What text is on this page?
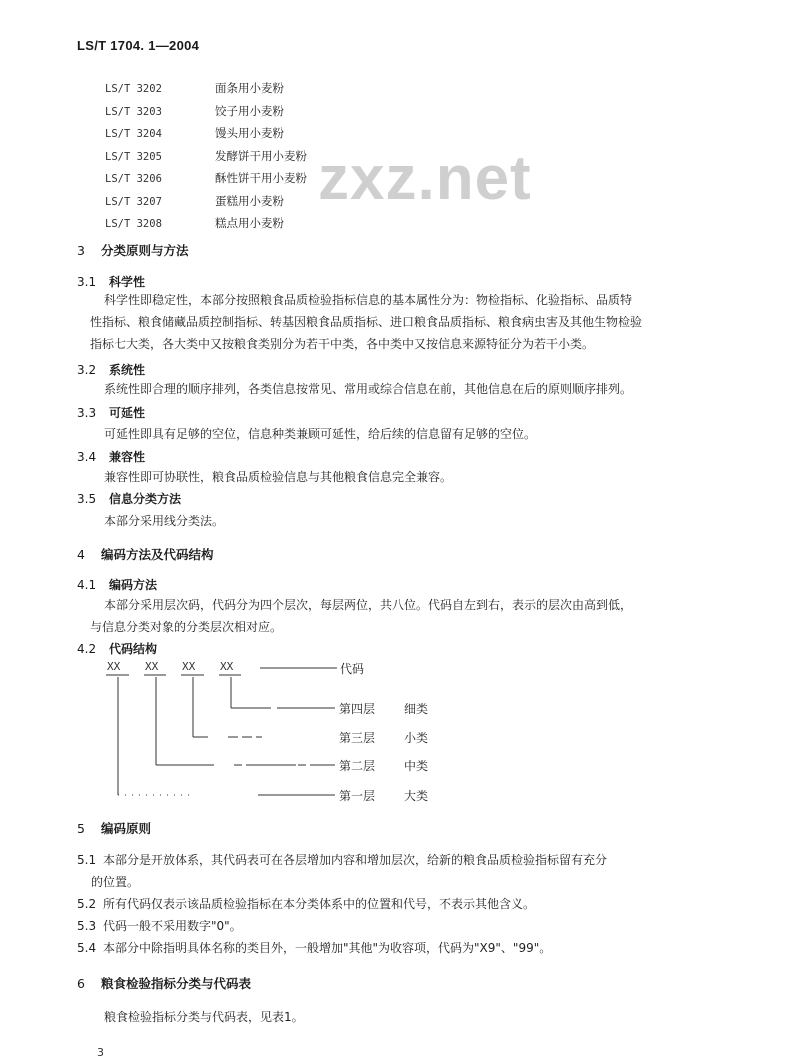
LS/T 1704. 1—2004
zxz.net
LS/T 3202	面条用小麦粉
LS/T 3203	饺子用小麦粉
LS/T 3204	馒头用小麦粉
LS/T 3205	发酵饼干用小麦粉
LS/T 3206	酥性饼干用小麦粉
LS/T 3207	蛋糕用小麦粉
LS/T 3208	糕点用小麦粉
3 分类原则与方法
3.1 科学性
科学性即稳定性，本部分按照粮食品质检验指标信息的基本属性分为：物检指标、化验指标、品质特
性指标、粮食储藏品质控制指标、转基因粮食品质指标、进口粮食品质指标、粮食病虫害及其他生物检验
指标七大类，各大类中又按粮食类别分为若干中类，各中类中又按信息来源特征分为若干小类。
3.2 系统性
系统性即合理的顺序排列，各类信息按常见、常用或综合信息在前，其他信息在后的原则顺序排列。
3.3 可延性
可延性即具有足够的空位，信息种类兼顾可延性，给后续的信息留有足够的空位。
3.4 兼容性
兼容性即可协联性，粮食品质检验信息与其他粮食信息完全兼容。
3.5 信息分类方法
本部分采用线分类法。
4 编码方法及代码结构
4.1 编码方法
本部分采用层次码，代码分为四个层次，每层两位，共八位。代码自左到右，表示的层次由高到低，
与信息分类对象的分类层次相对应。
4.2 代码结构
XX XX XX XX	代码
第四层 细类
第三层 小类
第二层 中类
第一层 大类
5 编码原则
5.1 本部分是开放体系，其代码表可在各层增加内容和增加层次，给新的粮食品质检验指标留有充分
的位置。
5.2 所有代码仅表示该品质检验指标在本分类体系中的位置和代号，不表示其他含义。
5.3 代码一般不采用数字"0"。
5.4 本部分中除指明具体名称的类目外，一般增加"其他"为收容项，代码为"X9"、"99"。
6 粮食检验指标分类与代码表
粮食检验指标分类与代码表，见表1。
3
